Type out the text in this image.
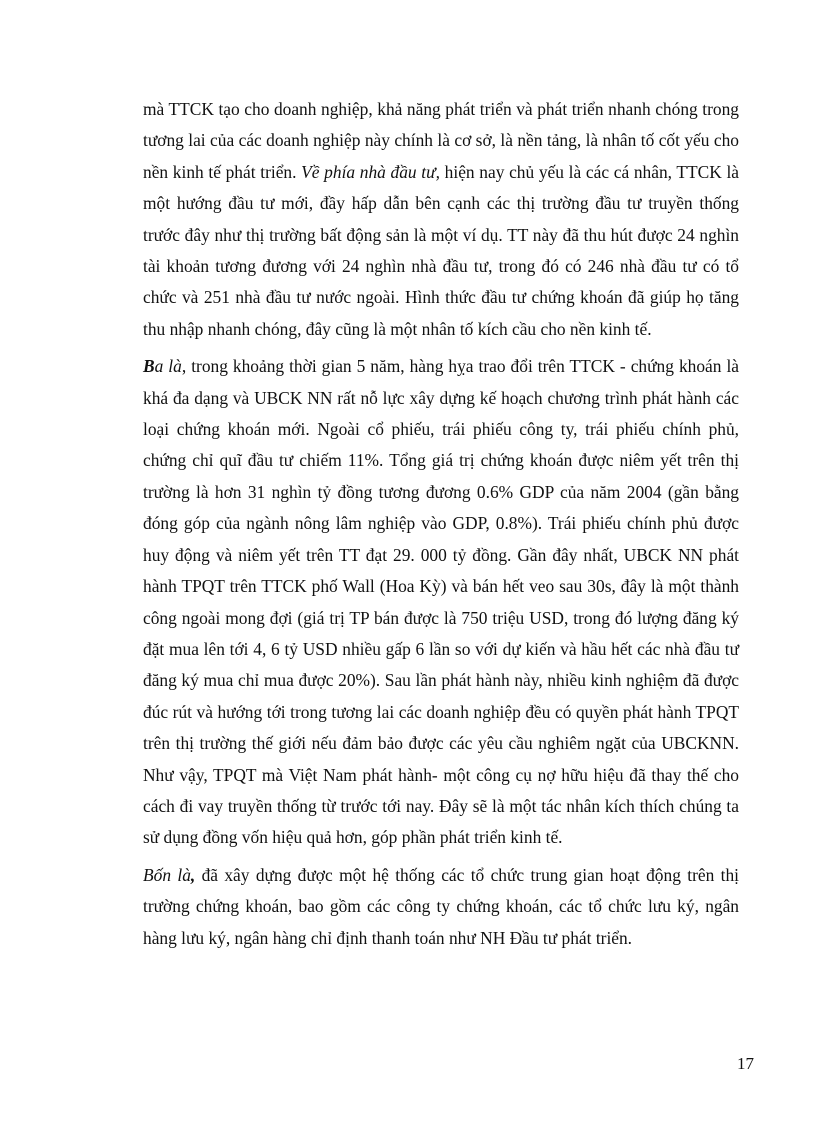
mà TTCK tạo cho doanh nghiệp, khả năng phát triển và phát triển nhanh chóng trong tương lai của các doanh nghiệp này chính là cơ sở, là nền tảng, là nhân tố cốt yếu cho nền kinh tế phát triển. Về phía nhà đầu tư, hiện nay chủ yếu là các cá nhân, TTCK là một hướng đầu tư mới, đầy hấp dẫn bên cạnh các thị trường đầu tư truyền thống trước đây như thị trường bất động sản là một ví dụ. TT này đã thu hút được 24 nghìn tài khoản tương đương với 24 nghìn nhà đầu tư, trong đó có 246 nhà đầu tư có tổ chức và 251 nhà đầu tư nước ngoài. Hình thức đầu tư chứng khoán đã giúp họ tăng thu nhập nhanh chóng, đây cũng là một nhân tố kích cầu cho nền kinh tế.

Ba là, trong khoảng thời gian 5 năm, hàng hỵa trao đổi trên TTCK - chứng khoán là khá đa dạng và UBCK NN rất nỗ lực xây dựng kế hoạch chương trình phát hành các loại chứng khoán mới. Ngoài cổ phiếu, trái phiếu công ty, trái phiếu chính phủ, chứng chỉ quĩ đầu tư chiếm 11%. Tổng giá trị chứng khoán được niêm yết trên thị trường là hơn 31 nghìn tỷ đồng tương đương 0.6% GDP của năm 2004 (gần bằng đóng góp của ngành nông lâm nghiệp vào GDP, 0.8%). Trái phiếu chính phủ được huy động và niêm yết trên TT đạt 29. 000 tỷ đồng. Gần đây nhất, UBCK NN phát hành TPQT trên TTCK phố Wall (Hoa Kỳ) và bán hết veo sau 30s, đây là một thành công ngoài mong đợi (giá trị TP bán được là 750 triệu USD, trong đó lượng đăng ký đặt mua lên tới 4, 6 tỷ USD nhiều gấp 6 lần so với dự kiến và hầu hết các nhà đầu tư đăng ký mua chỉ mua được 20%). Sau lần phát hành này, nhiều kinh nghiệm đã được đúc rút và hướng tới trong tương lai các doanh nghiệp đều có quyền phát hành TPQT trên thị trường thế giới nếu đảm bảo được các yêu cầu nghiêm ngặt của UBCKNN. Như vậy, TPQT mà Việt Nam phát hành- một công cụ nợ hữu hiệu đã thay thế cho cách đi vay truyền thống từ trước tới nay. Đây sẽ là một tác nhân kích thích chúng ta sử dụng đồng vốn hiệu quả hơn, góp phần phát triển kinh tế.

Bốn là, đã xây dựng được một hệ thống các tổ chức trung gian hoạt động trên thị trường chứng khoán, bao gồm các công ty chứng khoán, các tổ chức lưu ký, ngân hàng lưu ký, ngân hàng chỉ định thanh toán như NH Đầu tư phát triển.

17
